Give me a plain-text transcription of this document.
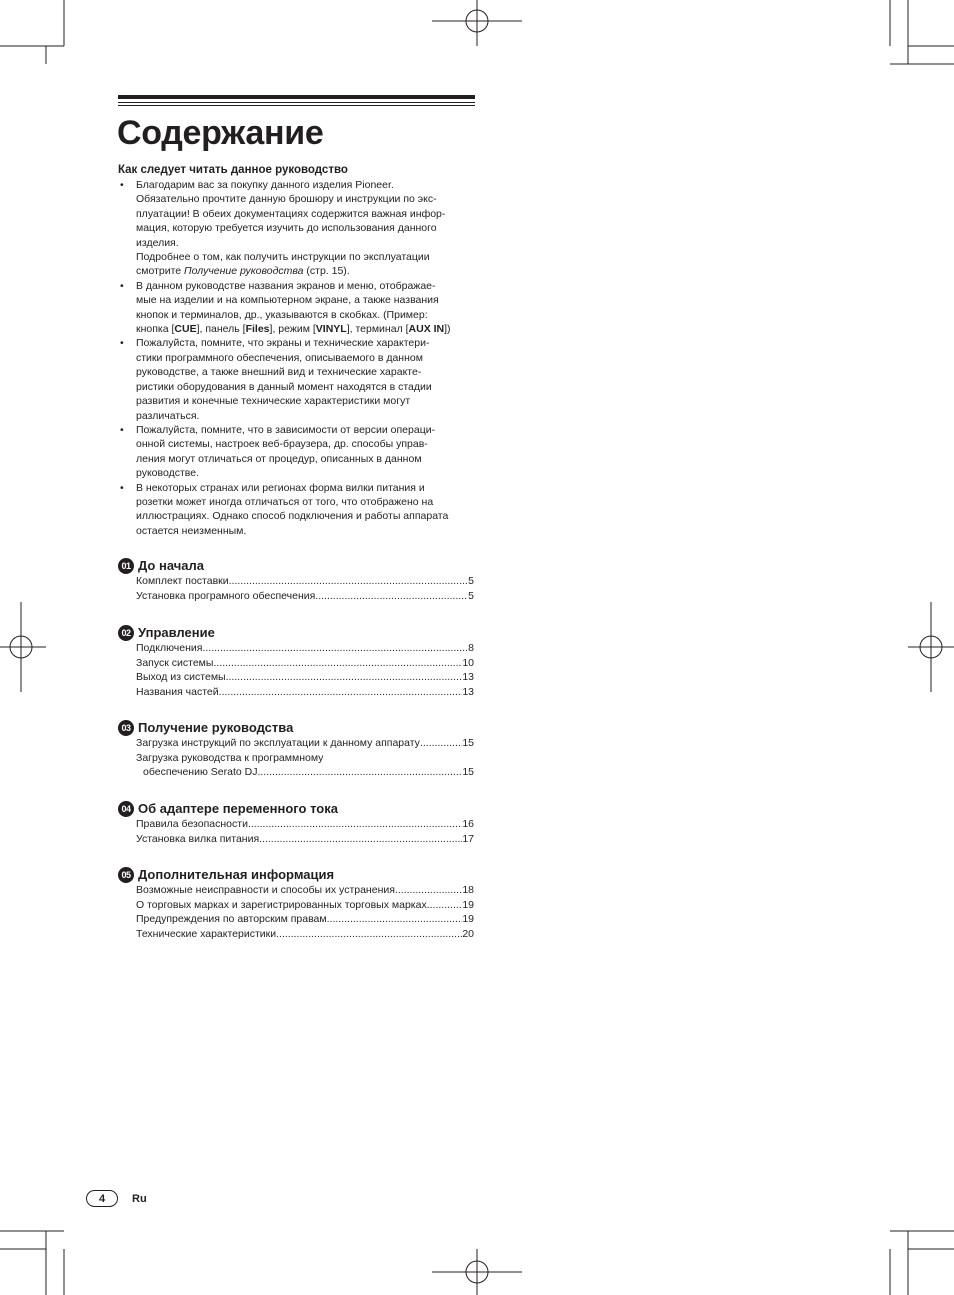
Содержание

Как следует читать данное руководство

• Благодарим вас за покупку данного изделия Pioneer.
Обязательно прочтите данную брошюру и инструкции по экс-
плуатации! В обеих документациях содержится важная инфор-
мация, которую требуется изучить до использования данного
изделия.
Подробнее о том, как получить инструкции по эксплуатации
смотрите Получение руководства (стр. 15).
• В данном руководстве названия экранов и меню, отображае-
мые на изделии и на компьютерном экране, а также названия
кнопок и терминалов, др., указываются в скобках. (Пример:
кнопка [CUE], панель [Files], режим [VINYL], терминал [AUX IN])
• Пожалуйста, помните, что экраны и технические характери-
стики программного обеспечения, описываемого в данном
руководстве, а также внешний вид и технические характе-
ристики оборудования в данный момент находятся в стадии
развития и конечные технические характеристики могут
различаться.
• Пожалуйста, помните, что в зависимости от версии операци-
онной системы, настроек веб-браузера, др. способы управ-
ления могут отличаться от процедур, описанных в данном
руководстве.
• В некоторых странах или регионах форма вилки питания и
розетки может иногда отличаться от того, что отображено на
иллюстрациях. Однако способ подключения и работы аппарата
остается неизменным.
01 До начала
Комплект поставки .....	5
Установка програмного обеспечения .....	5
02 Управление
Подключения .....	8
Запуск системы .....	10
Выход из системы .....	13
Названия частей .....	13
03 Получение руководства
Загрузка инструкций по эксплуатации к данному аппарату .....	15
Загрузка руководства к программному
обеспечению Serato DJ .....	15
04 Об адаптере переменного тока
Правила безопасности .....	16
Установка вилка питания .....	17
05 Дополнительная информация
Возможные неисправности и способы их устранения .....	18
О торговых марках и зарегистрированных торговых марках .....	19
Предупреждения по авторским правам .....	19
Технические характеристики .....	20
4	Ru
